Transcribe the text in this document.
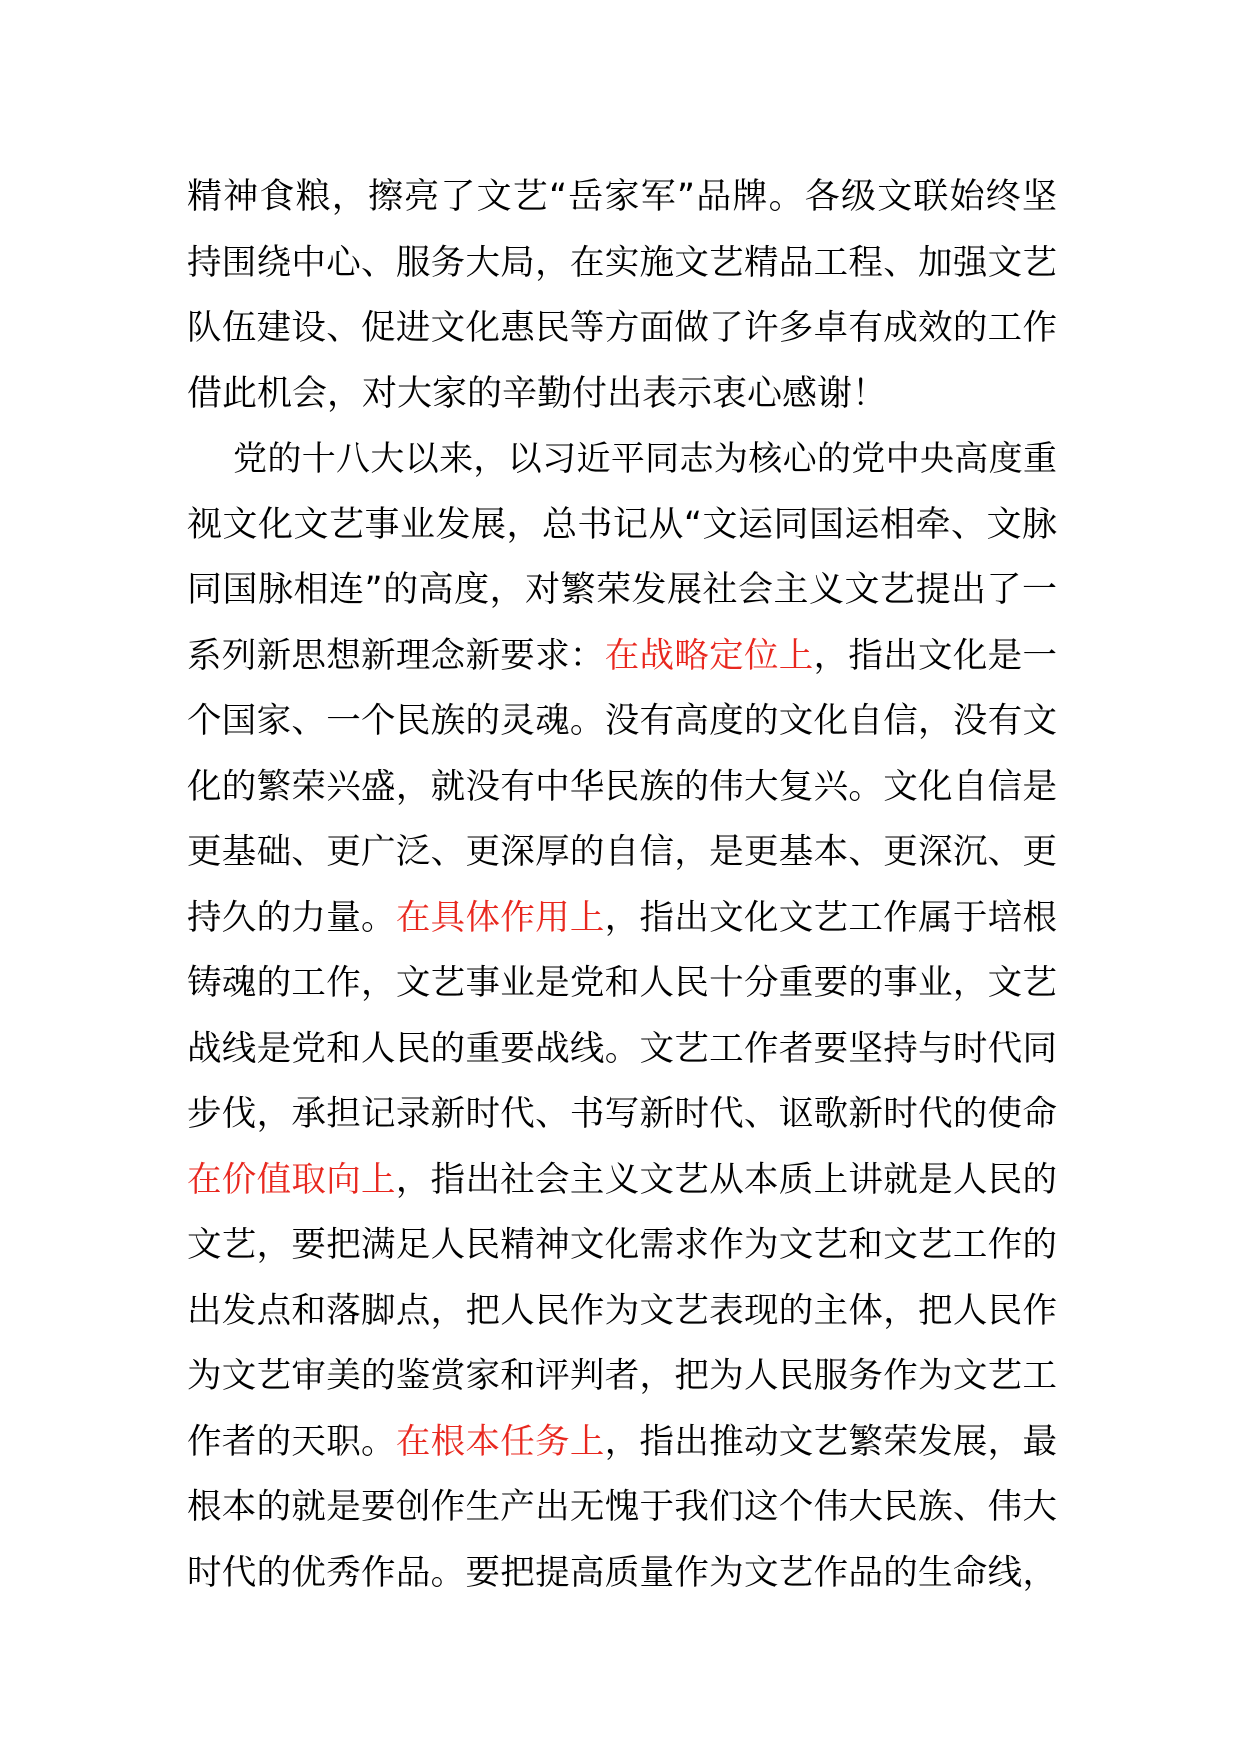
精神食粮，擦亮了文艺“岳家军”品牌。各级文联始终坚
持围绕中心、服务大局，在实施文艺精品工程、加强文艺
队伍建设、促进文化惠民等方面做了许多卓有成效的工作
借此机会，对大家的辛勤付出表示衷心感谢！
党的十八大以来，以习近平同志为核心的党中央高度重
视文化文艺事业发展，总书记从“文运同国运相牵、文脉
同国脉相连”的高度，对繁荣发展社会主义文艺提出了一
系列新思想新理念新要求：在战略定位上，指出文化是一
个国家、一个民族的灵魂。没有高度的文化自信，没有文
化的繁荣兴盛，就没有中华民族的伟大复兴。文化自信是
更基础、更广泛、更深厚的自信，是更基本、更深沉、更
持久的力量。在具体作用上，指出文化文艺工作属于培根
铸魂的工作，文艺事业是党和人民十分重要的事业，文艺
战线是党和人民的重要战线。文艺工作者要坚持与时代同
步伐，承担记录新时代、书写新时代、讴歌新时代的使命
在价值取向上，指出社会主义文艺从本质上讲就是人民的
文艺，要把满足人民精神文化需求作为文艺和文艺工作的
出发点和落脚点，把人民作为文艺表现的主体，把人民作
为文艺审美的鉴赏家和评判者，把为人民服务作为文艺工
作者的天职。在根本任务上，指出推动文艺繁荣发展，最
根本的就是要创作生产出无愧于我们这个伟大民族、伟大
时代的优秀作品。要把提高质量作为文艺作品的生命线，
